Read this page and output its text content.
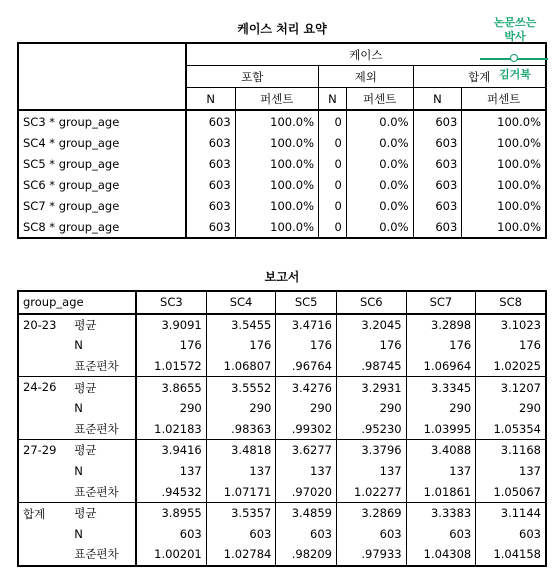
케이스 처리 요약
	케이스					
	포함		제외		합계	
	N	퍼센트	N	퍼센트	N	퍼센트
SC3 * group_age	603	100.0%	0	0.0%	603	100.0%
SC4 * group_age	603	100.0%	0	0.0%	603	100.0%
SC5 * group_age	603	100.0%	0	0.0%	603	100.0%
SC6 * group_age	603	100.0%	0	0.0%	603	100.0%
SC7 * group_age	603	100.0%	0	0.0%	603	100.0%
SC8 * group_age	603	100.0%	0	0.0%	603	100.0%
보고서
group_age		SC3	SC4	SC5	SC6	SC7	SC8
20-23	평균	3.9091	3.5455	3.4716	3.2045	3.2898	3.1023
	N	176	176	176	176	176	176
	표준편차	1.01572	1.06807	.96764	.98745	1.06964	1.02025
24-26	평균	3.8655	3.5552	3.4276	3.2931	3.3345	3.1207
	N	290	290	290	290	290	290
	표준편차	1.02183	.98363	.99302	.95230	1.03995	1.05354
27-29	평균	3.9416	3.4818	3.6277	3.3796	3.4088	3.1168
	N	137	137	137	137	137	137
	표준편차	.94532	1.07171	.97020	1.02277	1.01861	1.05067
합계	평균	3.8955	3.5357	3.4859	3.2869	3.3383	3.1144
	N	603	603	603	603	603	603
	표준편차	1.00201	1.02784	.98209	.97933	1.04308	1.04158
논문쓰는
박사
김거북
